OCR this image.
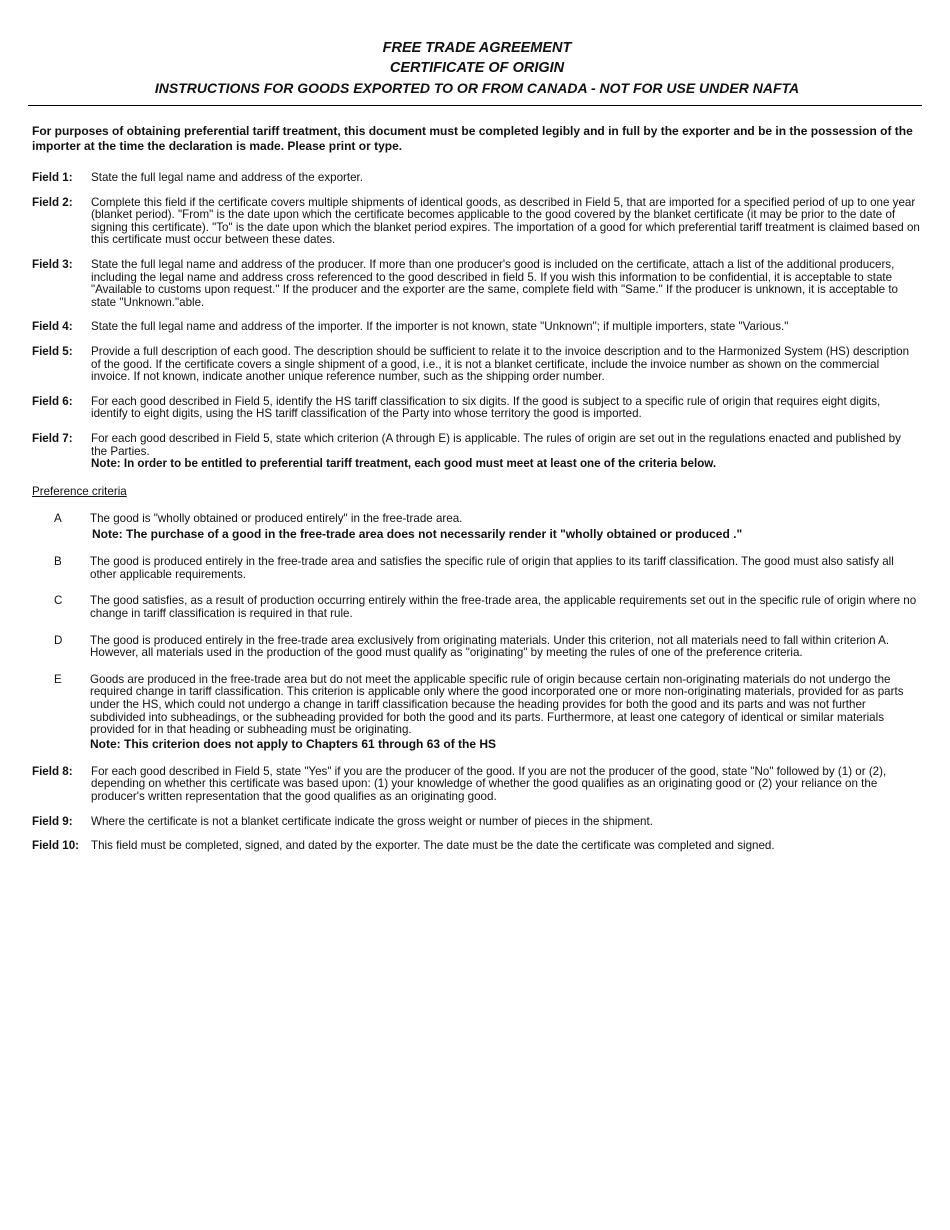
FREE TRADE AGREEMENT
CERTIFICATE OF ORIGIN
INSTRUCTIONS FOR GOODS EXPORTED TO OR FROM CANADA - NOT FOR USE UNDER NAFTA
For purposes of obtaining preferential tariff treatment, this document must be completed legibly and in full by the exporter and be in the possession of the importer at the time the declaration is made. Please print or type.
Field 1:	State the full legal name and address of the exporter.
Field 2:	Complete this field if the certificate covers multiple shipments of identical goods, as described in Field 5, that are imported for a specified period of up to one year (blanket period). "From" is the date upon which the certificate becomes applicable to the good covered by the blanket certificate (it may be prior to the date of signing this certificate). "To" is the date upon which the blanket period expires. The importation of a good for which preferential tariff treatment is claimed based on this certificate must occur between these dates.
Field 3:	State the full legal name and address of the producer. If more than one producer's good is included on the certificate, attach a list of the additional producers, including the legal name and address cross referenced to the good described in field 5. If you wish this information to be confidential, it is acceptable to state "Available to customs upon request." If the producer and the exporter are the same, complete field with "Same." If the producer is unknown, it is acceptable to state "Unknown."able.
Field 4:	State the full legal name and address of the importer. If the importer is not known, state "Unknown"; if multiple importers, state "Various."
Field 5:	Provide a full description of each good. The description should be sufficient to relate it to the invoice description and to the Harmonized System (HS) description of the good. If the certificate covers a single shipment of a good, i.e., it is not a blanket certificate, include the invoice number as shown on the commercial invoice. If not known, indicate another unique reference number, such as the shipping order number.
Field 6:	For each good described in Field 5, identify the HS tariff classification to six digits. If the good is subject to a specific rule of origin that requires eight digits, identify to eight digits, using the HS tariff classification of the Party into whose territory the good is imported.
Field 7:	For each good described in Field 5, state which criterion (A through E) is applicable. The rules of origin are set out in the regulations enacted and published by the Parties.
Note: In order to be entitled to preferential tariff treatment, each good must meet at least one of the criteria below.
Preference criteria
A	The good is "wholly obtained or produced entirely" in the free-trade area.
Note: The purchase of a good in the free-trade area does not necessarily render it "wholly obtained or produced ."
B	The good is produced entirely in the free-trade area and satisfies the specific rule of origin that applies to its tariff classification. The good must also satisfy all other applicable requirements.
C	The good satisfies, as a result of production occurring entirely within the free-trade area, the applicable requirements set out in the specific rule of origin where no change in tariff classification is required in that rule.
D	The good is produced entirely in the free-trade area exclusively from originating materials. Under this criterion, not all materials need to fall within criterion A. However, all materials used in the production of the good must qualify as "originating" by meeting the rules of one of the preference criteria.
E	Goods are produced in the free-trade area but do not meet the applicable specific rule of origin because certain non-originating materials do not undergo the required change in tariff classification. This criterion is applicable only where the good incorporated one or more non-originating materials, provided for as parts under the HS, which could not undergo a change in tariff classification because the heading provides for both the good and its parts and was not further subdivided into subheadings, or the subheading provided for both the good and its parts. Furthermore, at least one category of identical or similar materials provided for in that heading or subheading must be originating.
Note: This criterion does not apply to Chapters 61 through 63 of the HS
Field 8:	For each good described in Field 5, state "Yes" if you are the producer of the good. If you are not the producer of the good, state "No" followed by (1) or (2), depending on whether this certificate was based upon: (1) your knowledge of whether the good qualifies as an originating good or (2) your reliance on the producer's written representation that the good qualifies as an originating good.
Field 9:	Where the certificate is not a blanket certificate indicate the gross weight or number of pieces in the shipment.
Field 10:	This field must be completed, signed, and dated by the exporter. The date must be the date the certificate was completed and signed.
